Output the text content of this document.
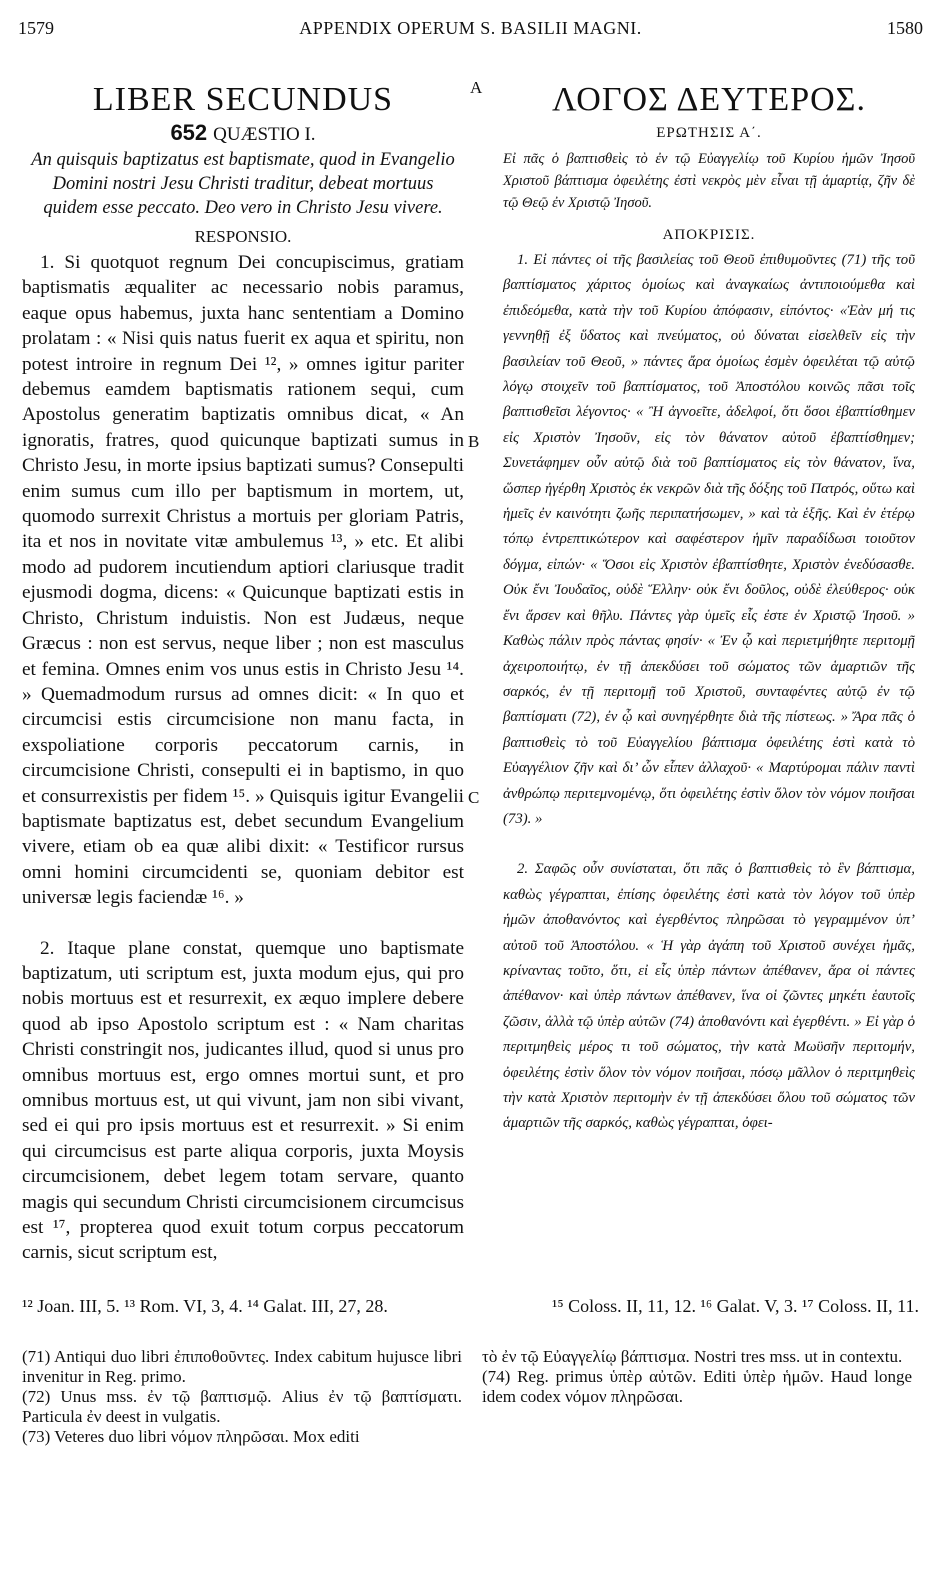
1579	APPENDIX OPERUM S. BASILII MAGNI.	1580
A
B
C
LIBER SECUNDUS
652 QUÆSTIO I.
An quisquis baptizatus est baptismate, quod in Evangelio Domini nostri Jesu Christi traditur, debeat mortuus quidem esse peccato. Deo vero in Christo Jesu vivere.
RESPONSIO.

1. Si quotquot regnum Dei concupiscimus, gratiam baptismatis æqualiter ac necessario nobis paramus, eaque opus habemus, juxta hanc sententiam a Domino prolatam : « Nisi quis natus fuerit ex aqua et spiritu, non potest introire in regnum Dei ¹², » omnes igitur pariter debemus eamdem baptismatis rationem sequi, cum Apostolus generatim baptizatis omnibus dicat, « An ignoratis, fratres, quod quicunque baptizati sumus in Christo Jesu, in morte ipsius baptizati sumus? Consepulti enim sumus cum illo per baptismum in mortem, ut, quomodo surrexit Christus a mortuis per gloriam Patris, ita et nos in novitate vitæ ambulemus ¹³, » etc. Et alibi modo ad pudorem incutiendum aptiori clariusque tradit ejusmodi dogma, dicens: « Quicunque baptizati estis in Christo, Christum induistis. Non est Judæus, neque Græcus : non est servus, neque liber ; non est masculus et femina. Omnes enim vos unus estis in Christo Jesu ¹⁴. » Quemadmodum rursus ad omnes dicit: « In quo et circumcisi estis circumcisione non manu facta, in exspoliatione corporis peccatorum carnis, in circumcisione Christi, consepulti ei in baptismo, in quo et consurrexistis per fidem ¹⁵. » Quisquis igitur Evangelii baptismate baptizatus est, debet secundum Evangelium vivere, etiam ob ea quæ alibi dixit: « Testificor rursus omni homini circumcidenti se, quoniam debitor est universæ legis faciendæ ¹⁶. »

2. Itaque plane constat, quemque uno baptismate baptizatum, uti scriptum est, juxta modum ejus, qui pro nobis mortuus est et resurrexit, ex æquo implere debere quod ab ipso Apostolo scriptum est : « Nam charitas Christi constringit nos, judicantes illud, quod si unus pro omnibus mortuus est, ergo omnes mortui sunt, et pro omnibus mortuus est, ut qui vivunt, jam non sibi vivant, sed ei qui pro ipsis mortuus est et resurrexit. » Si enim qui circumcisus est parte aliqua corporis, juxta Moysis circumcisionem, debet legem totam servare, quanto magis qui secundum Christi circumcisionem circumcisus est ¹⁷, propterea quod exuit totum corpus peccatorum carnis, sicut scriptum est,

ΛΟΓΟΣ ΔΕΥΤΕΡΟΣ.
ΕΡΩΤΗΣΙΣ Α΄.
Εἰ πᾶς ὁ βαπτισθεὶς τὸ ἐν τῷ Εὐαγγελίῳ τοῦ Κυρίου ἡμῶν Ἰησοῦ Χριστοῦ βάπτισμα ὀφειλέτης ἐστὶ νεκρὸς μὲν εἶναι τῇ ἁμαρτίᾳ, ζῆν δὲ τῷ Θεῷ ἐν Χριστῷ Ἰησοῦ.
ΑΠΟΚΡΙΣΙΣ.

1. Εἰ πάντες οἱ τῆς βασιλείας τοῦ Θεοῦ ἐπιθυμοῦντες (71) τῆς τοῦ βαπτίσματος χάριτος ὁμοίως καὶ ἀναγκαίως ἀντιποιούμεθα καὶ ἐπιδεόμεθα, κατὰ τὴν τοῦ Κυρίου ἀπόφασιν, εἰπόντος· «Ἐὰν μή τις γεννηθῇ ἐξ ὕδατος καὶ πνεύματος, οὐ δύναται εἰσελθεῖν εἰς τὴν βασιλείαν τοῦ Θεοῦ, » πάντες ἄρα ὁμοίως ἐσμὲν ὀφειλέται τῷ αὐτῷ λόγῳ στοιχεῖν τοῦ βαπτίσματος, τοῦ Ἀποστόλου κοινῶς πᾶσι τοῖς βαπτισθεῖσι λέγοντος· « Ἢ ἀγνοεῖτε, ἀδελφοί, ὅτι ὅσοι ἐβαπτίσθημεν εἰς Χριστὸν Ἰησοῦν, εἰς τὸν θάνατον αὐτοῦ ἐβαπτίσθημεν; Συνετάφημεν οὖν αὐτῷ διὰ τοῦ βαπτίσματος εἰς τὸν θάνατον, ἵνα, ὥσπερ ἠγέρθη Χριστὸς ἐκ νεκρῶν διὰ τῆς δόξης τοῦ Πατρός, οὕτω καὶ ἡμεῖς ἐν καινότητι ζωῆς περιπατήσωμεν, » καὶ τὰ ἑξῆς. Καὶ ἐν ἑτέρῳ τόπῳ ἐντρεπτικώτερον καὶ σαφέστερον ἡμῖν παραδίδωσι τοιοῦτον δόγμα, εἰπών· « Ὅσοι εἰς Χριστὸν ἐβαπτίσθητε, Χριστὸν ἐνεδύσασθε. Οὐκ ἔνι Ἰουδαῖος, οὐδὲ Ἕλλην· οὐκ ἔνι δοῦλος, οὐδὲ ἐλεύθερος· οὐκ ἔνι ἄρσεν καὶ θῆλυ. Πάντες γὰρ ὑμεῖς εἷς ἐστε ἐν Χριστῷ Ἰησοῦ. » Καθὼς πάλιν πρὸς πάντας φησίν· « Ἐν ᾧ καὶ περιετμήθητε περιτομῇ ἀχειροποιήτῳ, ἐν τῇ ἀπεκδύσει τοῦ σώματος τῶν ἁμαρτιῶν τῆς σαρκός, ἐν τῇ περιτομῇ τοῦ Χριστοῦ, συνταφέντες αὐτῷ ἐν τῷ βαπτίσματι (72), ἐν ᾧ καὶ συνηγέρθητε διὰ τῆς πίστεως. » Ἄρα πᾶς ὁ βαπτισθεὶς τὸ τοῦ Εὐαγγελίου βάπτισμα ὀφειλέτης ἐστὶ κατὰ τὸ Εὐαγγέλιον ζῆν καὶ δι’ ὧν εἶπεν ἀλλαχοῦ· « Μαρτύρομαι πάλιν παντὶ ἀνθρώπῳ περιτεμνομένῳ, ὅτι ὀφειλέτης ἐστὶν ὅλον τὸν νόμον ποιῆσαι (73). »

2. Σαφῶς οὖν συνίσταται, ὅτι πᾶς ὁ βαπτισθεὶς τὸ ἓν βάπτισμα, καθὼς γέγραπται, ἐπίσης ὀφειλέτης ἐστὶ κατὰ τὸν λόγον τοῦ ὑπὲρ ἡμῶν ἀποθανόντος καὶ ἐγερθέντος πληρῶσαι τὸ γεγραμμένον ὑπ’ αὐτοῦ τοῦ Ἀποστόλου. « Ἡ γὰρ ἀγάπη τοῦ Χριστοῦ συνέχει ἡμᾶς, κρίναντας τοῦτο, ὅτι, εἰ εἷς ὑπὲρ πάντων ἀπέθανεν, ἄρα οἱ πάντες ἀπέθανον· καὶ ὑπὲρ πάντων ἀπέθανεν, ἵνα οἱ ζῶντες μηκέτι ἑαυτοῖς ζῶσιν, ἀλλὰ τῷ ὑπὲρ αὐτῶν (74) ἀποθανόντι καὶ ἐγερθέντι. » Εἰ γὰρ ὁ περιτμηθεὶς μέρος τι τοῦ σώματος, τὴν κατὰ Μωϋσῆν περιτομήν, ὀφειλέτης ἐστὶν ὅλον τὸν νόμον ποιῆσαι, πόσῳ μᾶλλον ὁ περιτμηθεὶς τὴν κατὰ Χριστὸν περιτομὴν ἐν τῇ ἀπεκδύσει ὅλου τοῦ σώματος τῶν ἁμαρτιῶν τῆς σαρκός, καθὼς γέγραπται, ὀφει-

¹² Joan. III, 5. ¹³ Rom. VI, 3, 4. ¹⁴ Galat. III, 27, 28.	¹⁵ Coloss. II, 11, 12. ¹⁶ Galat. V, 3. ¹⁷ Coloss. II, 11.

(71) Antiqui duo libri ἐπιποθοῦντες. Index cabitum hujusce libri invenitur in Reg. primo.

(72) Unus mss. ἐν τῷ βαπτισμῷ. Alius ἐν τῷ βαπτίσματι. Particula ἐν deest in vulgatis.

(73) Veteres duo libri νόμον πληρῶσαι. Mox editi

τὸ ἐν τῷ Εὐαγγελίῳ βάπτισμα. Nostri tres mss. ut in contextu.

(74) Reg. primus ὑπὲρ αὐτῶν. Editi ὑπὲρ ἡμῶν. Haud longe idem codex νόμον πληρῶσαι.
